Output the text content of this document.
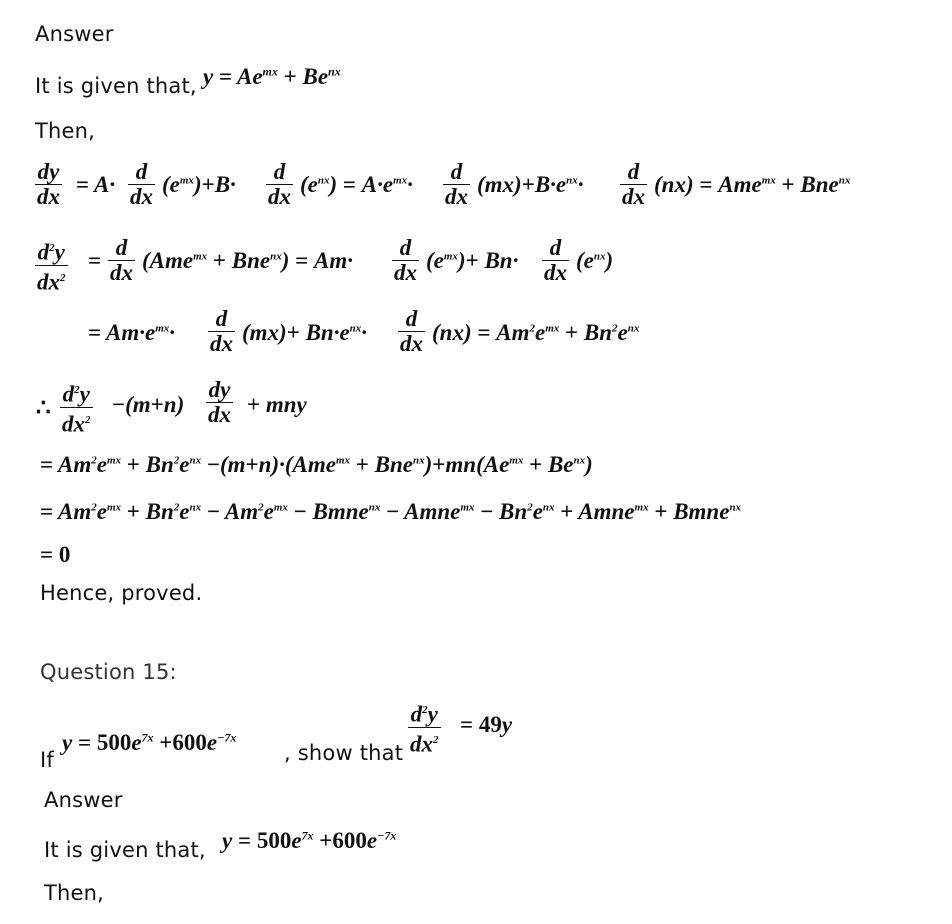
Answer
It is given that, $y = Ae^{mx} + Be^{nx}$
Then,
$\frac{dy}{dx} = A\cdot \frac{d}{dx} (e^{mx})+B\cdot \frac{d}{dx} (e^{nx}) = A\cdot e^{mx}\cdot \frac{d}{dx} (mx)+B\cdot e^{nx}\cdot \frac{d}{dx} (nx) = Ame^{mx} + Bne^{nx}$
$\frac{d^2y}{dx^2} = \frac{d}{dx} (Ame^{mx} + Bne^{nx}) = Am\cdot \frac{d}{dx} (e^{mx})+ Bn\cdot \frac{d}{dx} (e^{nx})$
= $Am\cdot e^{mx}\cdot \frac{d}{dx} (mx)+ Bn\cdot e^{nx}\cdot \frac{d}{dx} (nx) = Am^2e^{mx} + Bn^2e^{nx}$
∴ $\frac{d^2y}{dx^2} -(m+n) \frac{dy}{dx}$ + mny
= $Am^2e^{mx} + Bn^2e^{nx} -(m+n)\cdot(Ame^{mx} + Bne^{nx})+mn(Ae^{mx} + Be^{nx})$
= $Am^2e^{mx} + Bn^2e^{nx} - Am^2e^{mx}$ − Bmne$^{nx}$ − Amne$^{mx}$ − $Bn^2e^{nx}$ + Amne$^{mx}$ + Bmne$^{nx}$
= 0
Hence, proved.
Question 15:
If
$y = 500e^{7x} +600e^{-7x}$
, show that $\frac{d^2y}{dx^2} = 49y$
Answer
It is given that, $y = 500e^{7x} +600e^{-7x}$
Then,
